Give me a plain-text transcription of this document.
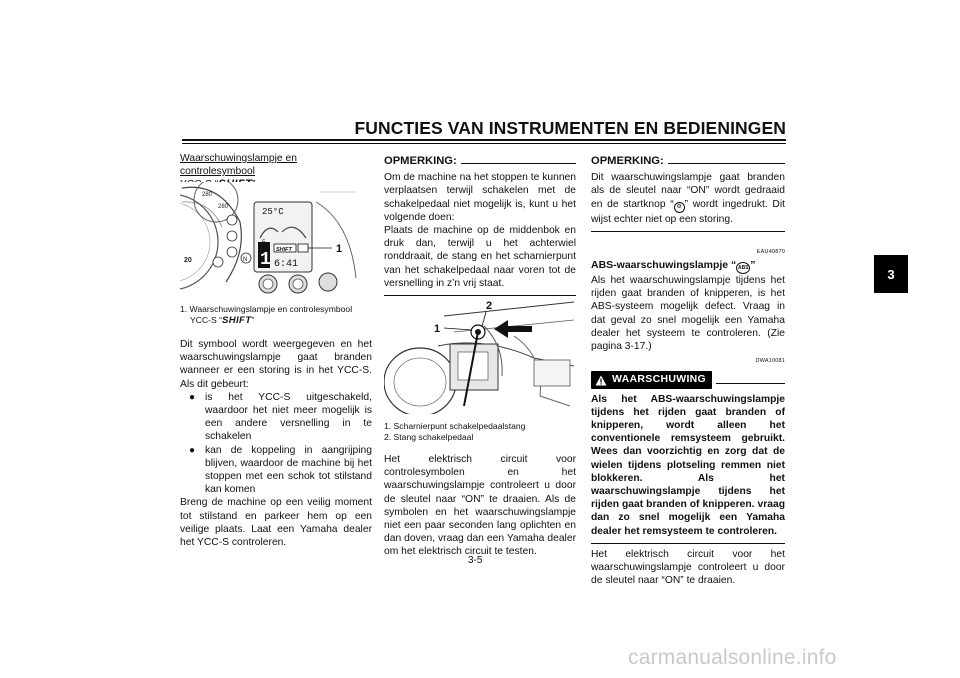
FUNCTIES VAN INSTRUMENTEN EN BEDIENINGEN
3
Waarschuwingslampje en controlesymbool

280
280
20	N
25°C
1 SHIFT
6:41
1
1. Waarschuwingslampje en controlesymbool
YCC-S “SHIFT”
Dit symbool wordt weergegeven en het waarschuwingslampje gaat branden wanneer er een storing is in het YCC-S. Als dit gebeurt:
● is het YCC-S uitgeschakeld, waardoor het niet meer mogelijk is een andere versnelling in te schakelen
● kan de koppeling in aangrijping blijven, waardoor de machine bij het stoppen met een schok tot stilstand kan komen
Breng de machine op een veilig moment tot stilstand en parkeer hem op een veilige plaats. Laat een Yamaha dealer het YCC-S controleren.
OPMERKING:
Om de machine na het stoppen te kunnen verplaatsen terwijl schakelen met de schakelpedaal niet mogelijk is, kunt u het volgende doen:
Plaats de machine op de middenbok en druk dan, terwijl u het achterwiel ronddraait, de stang en het scharnierpunt van het schakelpedaal naar voren tot de versnelling in z’n vrij staat.
1
2
1. Scharnierpunt schakelpedaalstang
2. Stang schakelpedaal
Het elektrisch circuit voor controlesymbolen en het waarschuwingslampje controleert u door de sleutel naar “ON” te draaien. Als de symbolen en het waarschuwingslampje niet een paar seconden lang oplichten en dan doven, vraag dan een Yamaha dealer om het elektrisch circuit te testen.
OPMERKING:
Dit waarschuwingslampje gaat branden als de sleutel naar “ON” wordt gedraaid en de startknop “ ⚙ ” wordt ingedrukt. Dit wijst echter niet op een storing.
EAU40870
ABS-waarschuwingslampje “ ABS ”
Als het waarschuwingslampje tijdens het rijden gaat branden of knipperen, is het ABS-systeem mogelijk defect. Vraag in dat geval zo snel mogelijk een Yamaha dealer het systeem te controleren. (Zie pagina 3-17.)
DWA10081
WAARSCHUWING
Als het ABS-waarschuwingslampje tijdens het rijden gaat branden of knipperen, wordt alleen het conventionele remsysteem gebruikt. Wees dan voorzichtig en zorg dat de wielen tijdens plotseling remmen niet blokkeren. Als het waarschuwingslampje tijdens het rijden gaat branden of knipperen. vraag dan zo snel mogelijk een Yamaha dealer het remsysteem te controleren.
Het elektrisch circuit voor het waarschuwingslampje controleert u door de sleutel naar “ON” te draaien.
3-5
carmanualsonline.info
